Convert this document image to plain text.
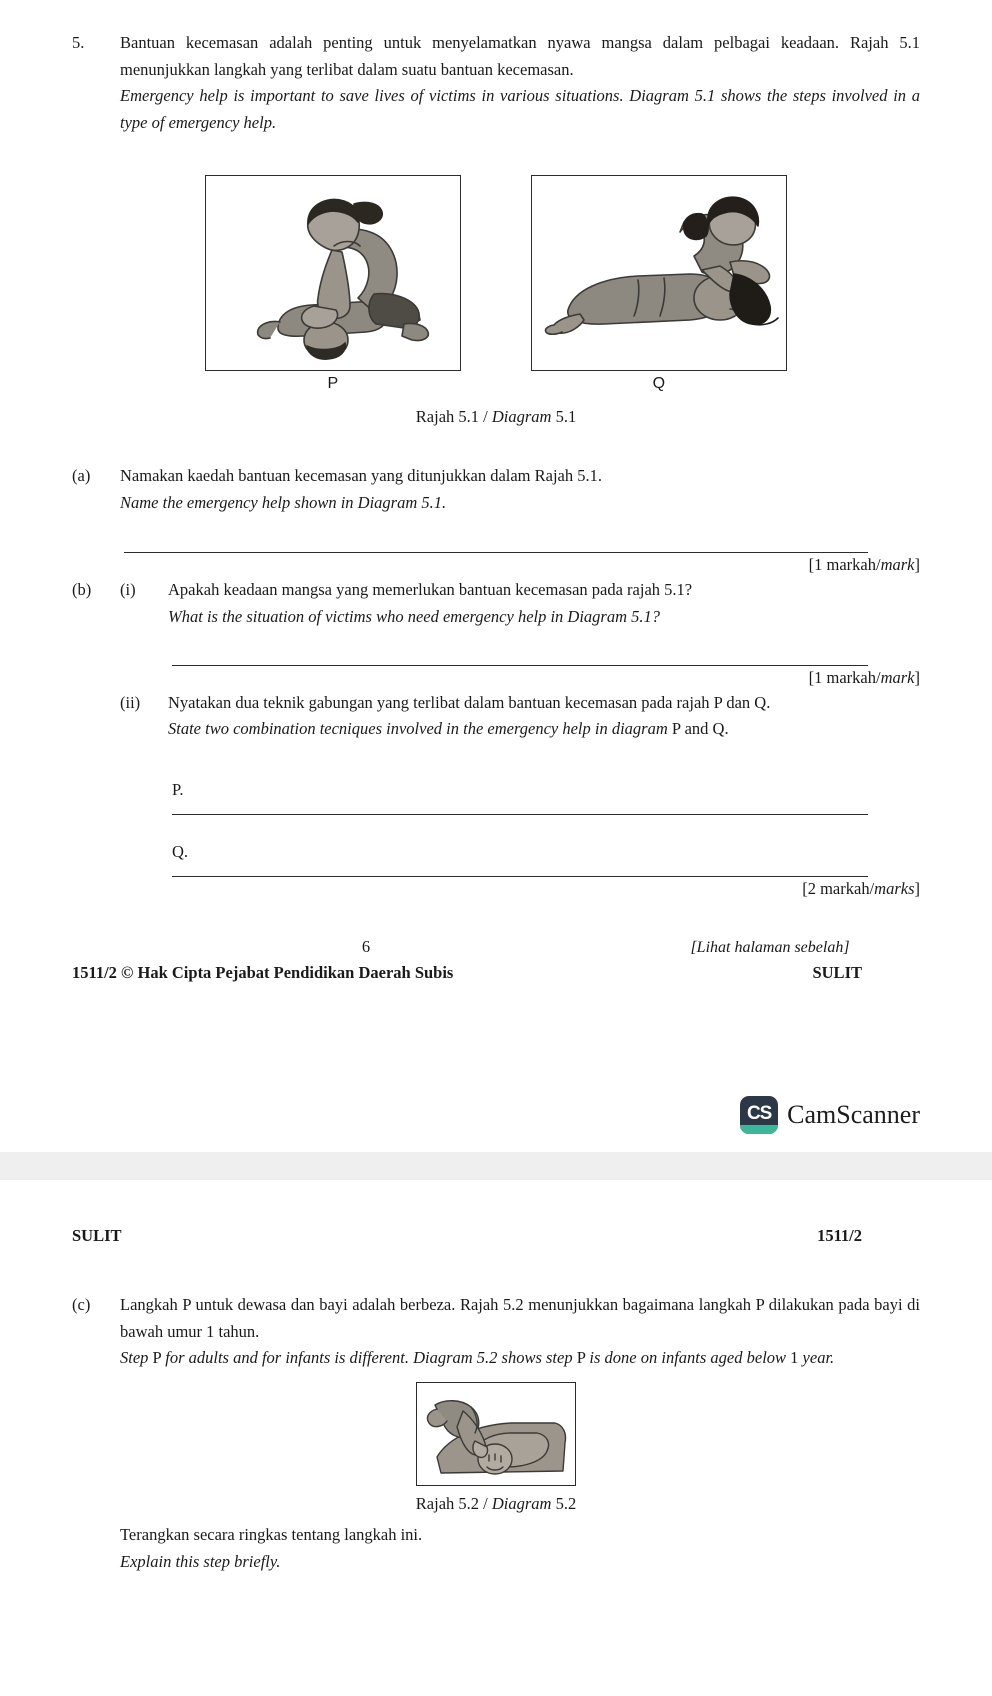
5.	Bantuan kecemasan adalah penting untuk menyelamatkan nyawa mangsa dalam pelbagai keadaan. Rajah 5.1 menunjukkan langkah yang terlibat dalam suatu bantuan kecemasan.
Emergency help is important to save lives of victims in various situations. Diagram 5.1 shows the steps involved in a type of emergency help.
P	Q
Rajah 5.1 / Diagram 5.1
(a)	Namakan kaedah bantuan kecemasan yang ditunjukkan dalam Rajah 5.1.
Name the emergency help shown in Diagram 5.1.
[1 markah/mark]
(b)	(i)	Apakah keadaan mangsa yang memerlukan bantuan kecemasan pada rajah 5.1?
What is the situation of victims who need emergency help in Diagram 5.1?
[1 markah/mark]
(ii)	Nyatakan dua teknik gabungan yang terlibat dalam bantuan kecemasan pada rajah P dan Q.
State two combination tecniques involved in the emergency help in diagram P and Q.
P.
Q.
[2 markah/marks]
6	[Lihat halaman sebelah]
1511/2 © Hak Cipta Pejabat Pendidikan Daerah Subis	SULIT
CS CamScanner
SULIT	1511/2
(c)	Langkah P untuk dewasa dan bayi adalah berbeza. Rajah 5.2 menunjukkan bagaimana langkah P dilakukan pada bayi di bawah umur 1 tahun.
Step P for adults and for infants is different. Diagram 5.2 shows step P is done on infants aged below 1 year.
Rajah 5.2 / Diagram 5.2
Terangkan secara ringkas tentang langkah ini.
Explain this step briefly.
